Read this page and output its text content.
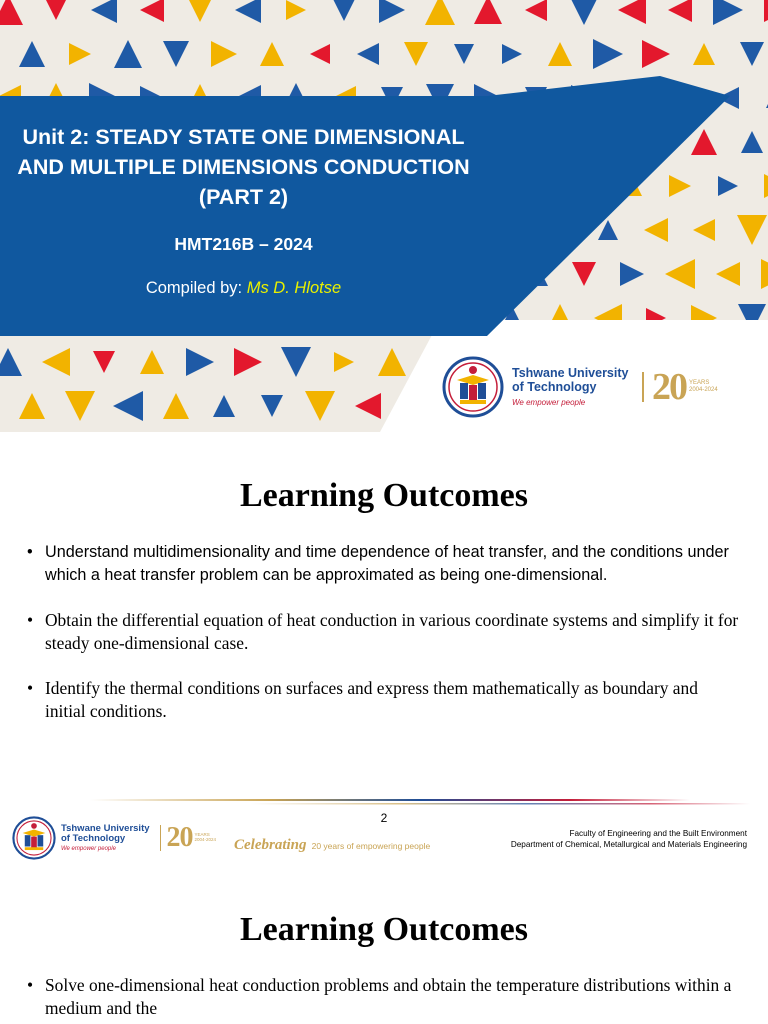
Unit 2: STEADY STATE ONE DIMENSIONAL AND MULTIPLE DIMENSIONS CONDUCTION (PART 2)
HMT216B – 2024
Compiled by: Ms D. Hlotse
Tshwane University
of Technology
We empower people	20 YEARS
2004-2024
Learning Outcomes
• Understand multidimensionality and time dependence of heat transfer, and the conditions under which a heat transfer problem can be approximated as being one-dimensional.
• Obtain the differential equation of heat conduction in various coordinate systems and simplify it for steady one-dimensional case.
• Identify the thermal conditions on surfaces and express them mathematically as boundary and initial conditions.
2
Tshwane University
of Technology
We empower people	20 YEARS
2004-2024 Celebrating 20 years of empowering people
Faculty of Engineering and the Built Environment
Department of Chemical, Metallurgical and Materials Engineering
Learning Outcomes
• Solve one-dimensional heat conduction problems and obtain the temperature distributions within a medium and the
